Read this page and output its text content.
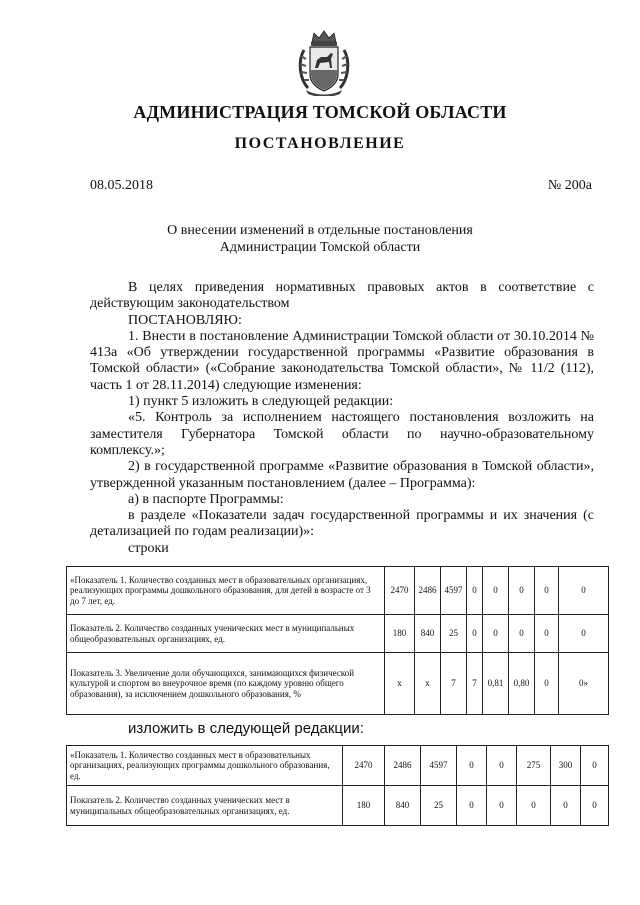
АДМИНИСТРАЦИЯ ТОМСКОЙ ОБЛАСТИ
ПОСТАНОВЛЕНИЕ
08.05.2018	№ 200а
О внесении изменений в отдельные постановления
Администрации Томской области

В целях приведения нормативных правовых актов в соответствие с действующим законодательством

ПОСТАНОВЛЯЮ:

1. Внести в постановление Администрации Томской области от 30.10.2014 № 413а «Об утверждении государственной программы «Развитие образования в Томской области» («Собрание законодательства Томской области», № 11/2 (112), часть 1 от 28.11.2014) следующие изменения:

1) пункт 5 изложить в следующей редакции:

«5. Контроль за исполнением настоящего постановления возложить на заместителя Губернатора Томской области по научно-образовательному комплексу.»;

2) в государственной программе «Развитие образования в Томской области», утвержденной указанным постановлением (далее – Программа):

а) в паспорте Программы:

в разделе «Показатели задач государственной программы и их значения (с детализацией по годам реализации)»:

строки

«Показатель 1. Количество созданных мест в образовательных организациях, реализующих программы дошкольного образования, для детей в возрасте от 3 до 7 лет, ед.	2470	2486	4597	0	0	0	0	0
Показатель 2. Количество созданных ученических мест в муниципальных общеобразовательных организациях, ед.	180	840	25	0	0	0	0	0
Показатель 3. Увеличение доли обучающихся, занимающихся физической культурой и спортом во внеурочное время (по каждому уровню общего образования), за исключением дошкольного образования, %	x	x	7	7	0,81	0,80	0	0»
изложить в следующей редакции:
«Показатель 1. Количество созданных мест в образовательных организациях, реализующих программы дошкольного образования, ед.	2470	2486	4597	0	0	275	300	0
Показатель 2. Количество созданных ученических мест в муниципальных общеобразовательных организациях, ед.	180	840	25	0	0	0	0	0
